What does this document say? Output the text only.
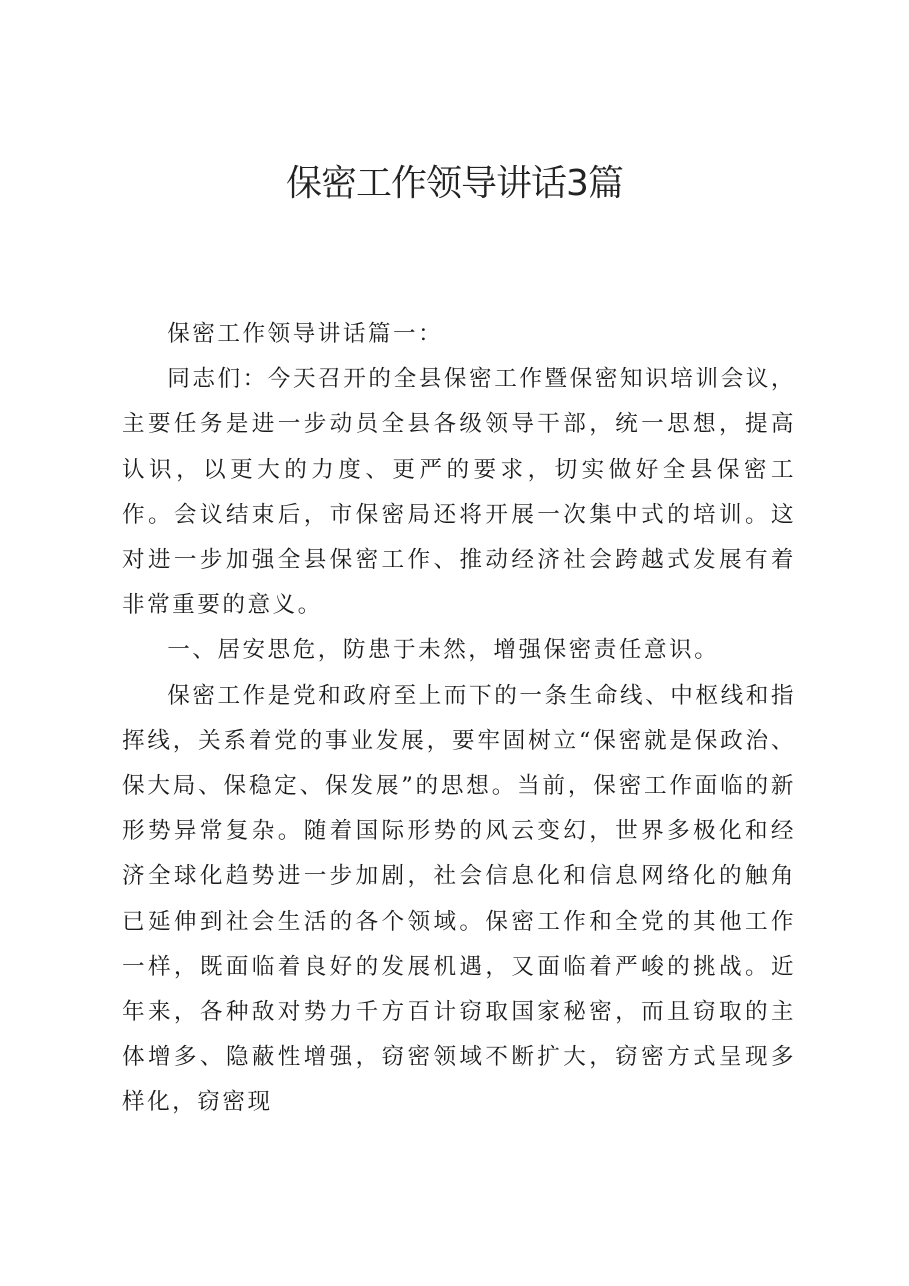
保密工作领导讲话3篇

保密工作领导讲话篇一：

同志们：今天召开的全县保密工作暨保密知识培训会议，主要任务是进一步动员全县各级领导干部，统一思想，提高认识，以更大的力度、更严的要求，切实做好全县保密工作。会议结束后，市保密局还将开展一次集中式的培训。这对进一步加强全县保密工作、推动经济社会跨越式发展有着非常重要的意义。

一、居安思危，防患于未然，增强保密责任意识。

保密工作是党和政府至上而下的一条生命线、中枢线和指挥线，关系着党的事业发展，要牢固树立“保密就是保政治、保大局、保稳定、保发展”的思想。当前，保密工作面临的新形势异常复杂。随着国际形势的风云变幻，世界多极化和经济全球化趋势进一步加剧，社会信息化和信息网络化的触角已延伸到社会生活的各个领域。保密工作和全党的其他工作一样，既面临着良好的发展机遇，又面临着严峻的挑战。近年来，各种敌对势力千方百计窃取国家秘密，而且窃取的主体增多、隐蔽性增强，窃密领域不断扩大，窃密方式呈现多样化，窃密现
